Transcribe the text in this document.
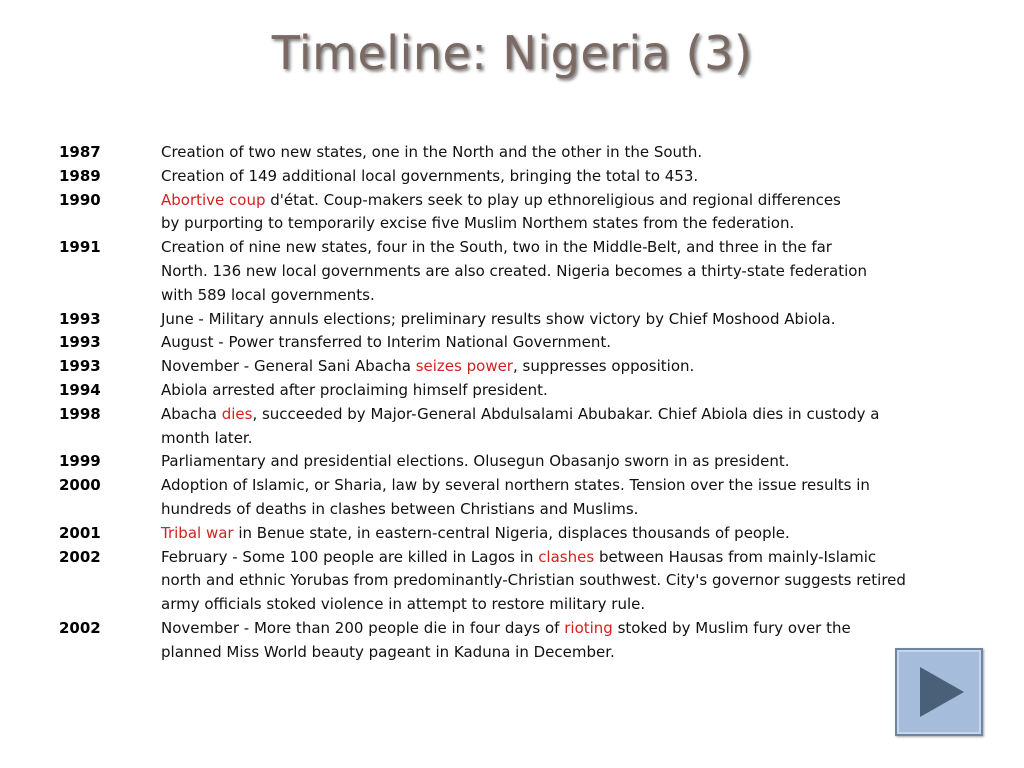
Timeline: Nigeria (3)
1987	Creation of two new states, one in the North and the other in the South.
1989	Creation of 149 additional local governments, bringing the total to 453.
1990	Abortive coup d'état. Coup-makers seek to play up ethnoreligious and regional differences
by purporting to temporarily excise five Muslim Northem states from the federation.
1991	Creation of nine new states, four in the South, two in the Middle-Belt, and three in the far
North. 136 new local governments are also created. Nigeria becomes a thirty-state federation
with 589 local governments.
1993	June - Military annuls elections; preliminary results show victory by Chief Moshood Abiola.
1993	August - Power transferred to Interim National Government.
1993	November - General Sani Abacha seizes power, suppresses opposition.
1994	Abiola arrested after proclaiming himself president.
1998	Abacha dies, succeeded by Major-General Abdulsalami Abubakar. Chief Abiola dies in custody a
month later.
1999	Parliamentary and presidential elections. Olusegun Obasanjo sworn in as president.
2000	Adoption of Islamic, or Sharia, law by several northern states. Tension over the issue results in
hundreds of deaths in clashes between Christians and Muslims.
2001	Tribal war in Benue state, in eastern-central Nigeria, displaces thousands of people.
2002	February - Some 100 people are killed in Lagos in clashes between Hausas from mainly-Islamic
north and ethnic Yorubas from predominantly-Christian southwest. City's governor suggests retired
army officials stoked violence in attempt to restore military rule.
2002	November - More than 200 people die in four days of rioting stoked by Muslim fury over the
planned Miss World beauty pageant in Kaduna in December.
